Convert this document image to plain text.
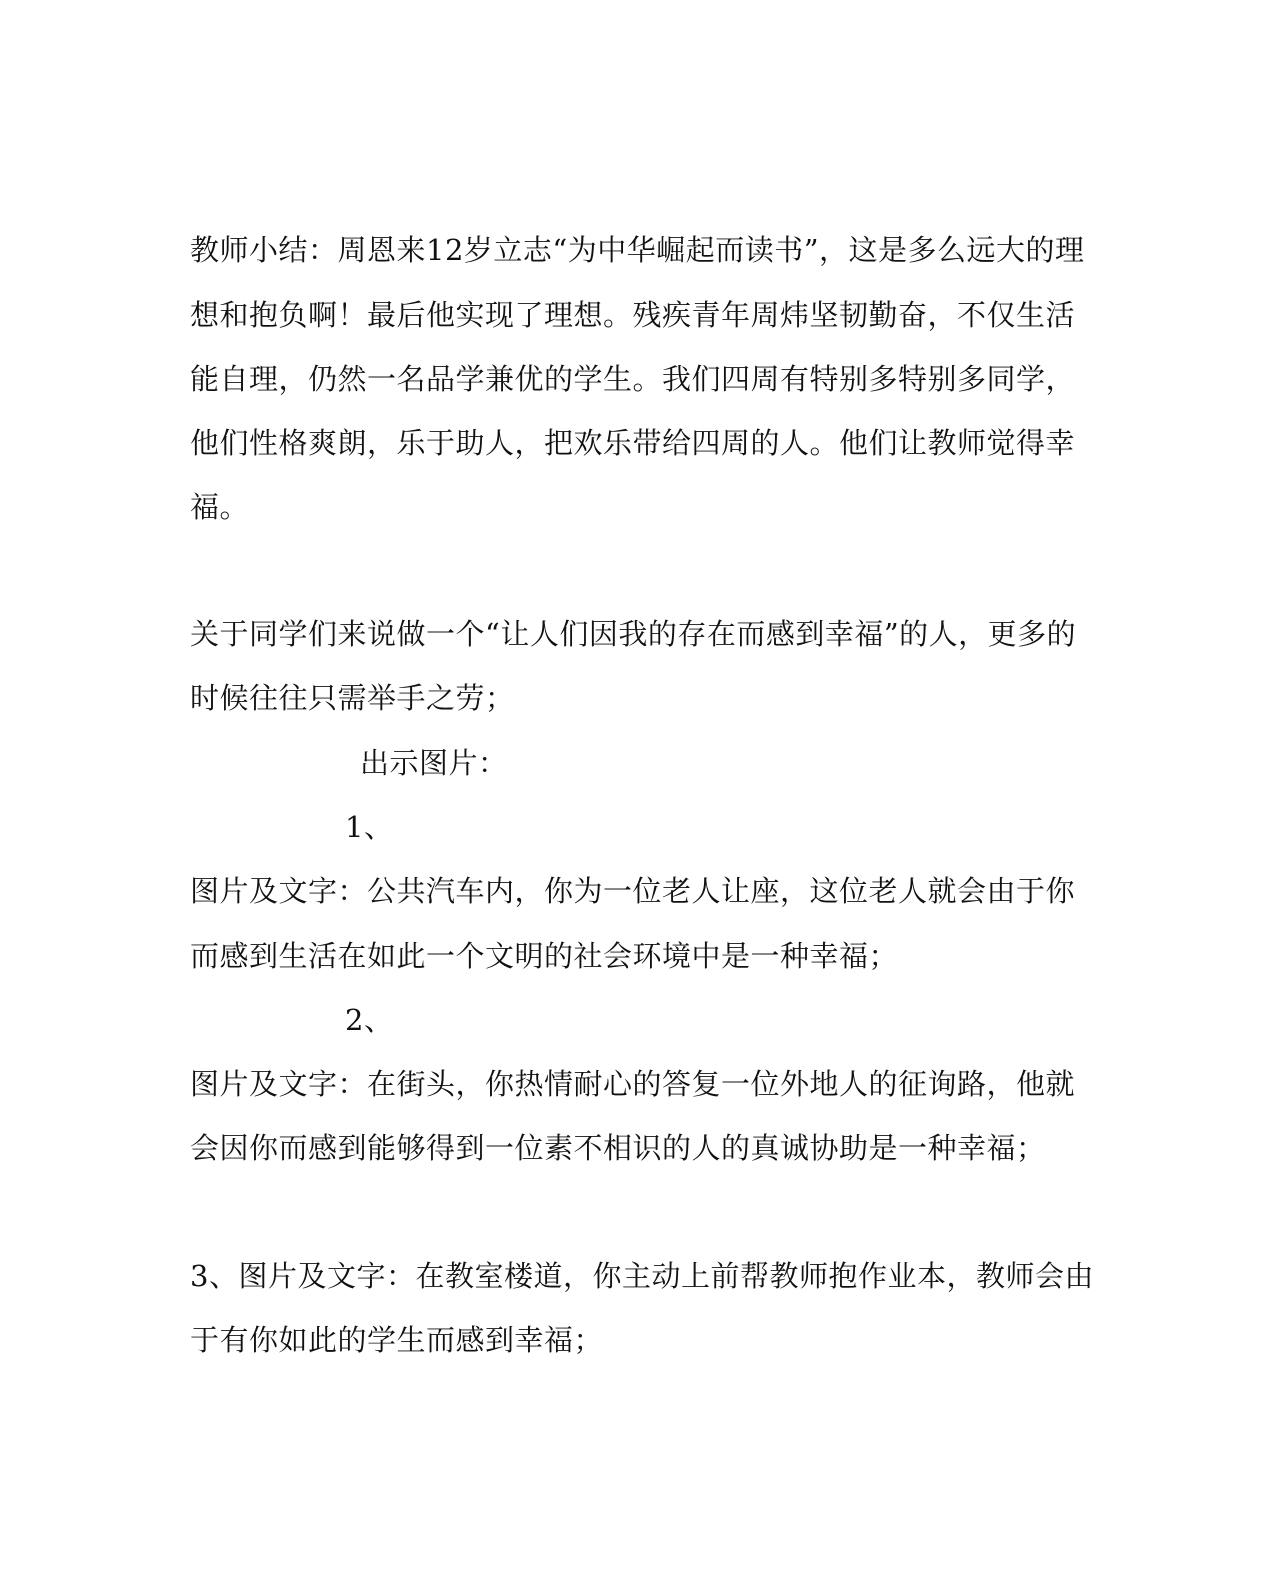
教师小结：周恩来12岁立志“为中华崛起而读书”，这是多么远大的理
想和抱负啊！最后他实现了理想。残疾青年周炜坚韧勤奋，不仅生活
能自理，仍然一名品学兼优的学生。我们四周有特别多特别多同学，
他们性格爽朗，乐于助人，把欢乐带给四周的人。他们让教师觉得幸
福。
关于同学们来说做一个“让人们因我的存在而感到幸福”的人，更多的
时候往往只需举手之劳；
出示图片：
1、
图片及文字：公共汽车内，你为一位老人让座，这位老人就会由于你
而感到生活在如此一个文明的社会环境中是一种幸福；
2、
图片及文字：在街头，你热情耐心的答复一位外地人的征询路，他就
会因你而感到能够得到一位素不相识的人的真诚协助是一种幸福；
3、图片及文字：在教室楼道，你主动上前帮教师抱作业本，教师会由
于有你如此的学生而感到幸福；
